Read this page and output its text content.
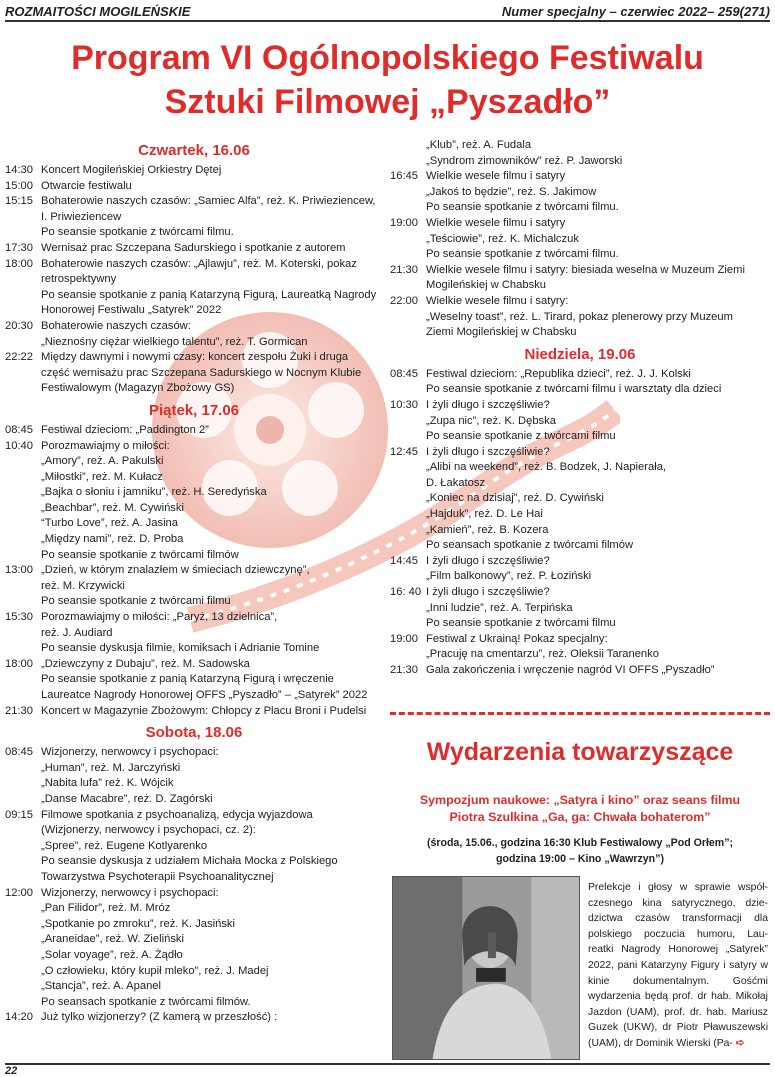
ROZMAITOŚCI MOGILEŃSKIE	Numer specjalny – czerwiec 2022– 259(271)
Program VI Ogólnopolskiego Festiwalu
Sztuki Filmowej „Pyszadło”
Czwartek, 16.06
14:30 Koncert Mogileńskiej Orkiestry Dętej
15:00 Otwarcie festiwalu
15:15 Bohaterowie naszych czasów: „Samiec Alfa”, reż. K. Priwieziencew,
I. Priwieziencew
Po seansie spotkanie z twórcami filmu.
17:30 Wernisaż prac Szczepana Sadurskiego i spotkanie z autorem
18:00 Bohaterowie naszych czasów: „Ajlawju”, reż. M. Koterski, pokaz
retrospektywny
Po seansie spotkanie z panią Katarzyną Figurą, Laureatką Nagrody
Honorowej Festiwalu „Satyrek” 2022
20:30 Bohaterowie naszych czasów:
„Nieznośny ciężar wielkiego talentu”, reż. T. Gormican
22:22 Między dawnymi i nowymi czasy: koncert zespołu Żuki i druga
część wernisażu prac Szczepana Sadurskiego w Nocnym Klubie
Festiwalowym (Magazyn Zbożowy GS)
Piątek, 17.06
08:45 Festiwal dzieciom: „Paddington 2”
10:40 Porozmawiajmy o miłości:
„Amory”, reż. A. Pakulski
„Miłostki”, reż. M. Kułacz
„Bajka o słoniu i jamniku”, reż. H. Seredyńska
„Beachbar”, reż. M. Cywiński
“Turbo Love”, reż. A. Jasina
„Między nami”, reż. D. Proba
Po seansie spotkanie z twórcami filmów
13:00 „Dzień, w którym znalazłem w śmieciach dziewczynę”,
reż. M. Krzywicki
Po seansie spotkanie z twórcami filmu
15:30 Porozmawiajmy o miłości: „Paryż, 13 dzielnica”,
reż. J. Audiard
Po seansie dyskusja filmie, komiksach i Adrianie Tomine
18:00 „Dziewczyny z Dubaju”, reż. M. Sadowska
Po seansie spotkanie z panią Katarzyną Figurą i wręczenie
Laureatce Nagrody Honorowej OFFS „Pyszadło” – „Satyrek” 2022
21:30 Koncert w Magazynie Zbożowym: Chłopcy z Placu Broni i Pudelsi
Sobota, 18.06
08:45 Wizjonerzy, nerwowcy i psychopaci:
„Human”, reż. M. Jarczyński
„Nabita lufa” reż. K. Wójcik
„Danse Macabre”, reż. D. Zagórski
09:15 Filmowe spotkania z psychoanalizą, edycja wyjazdowa
(Wizjonerzy, nerwowcy i psychopaci, cz. 2):
„Spree”, reż. Eugene Kotlyarenko
Po seansie dyskusja z udziałem Michała Mocka z Polskiego
Towarzystwa Psychoterapii Psychoanalitycznej
12:00 Wizjonerzy, nerwowcy i psychopaci:
„Pan Filidor”, reż. M. Mróz
„Spotkanie po zmroku”, reż. K. Jasiński
„Araneidae”, reż. W. Zieliński
„Solar voyage”, reż. A. Żądło
„O człowieku, który kupił mleko”, reż. J. Madej
„Stancja”, reż. A. Apanel
Po seansach spotkanie z twórcami filmów.
14:20 Już tylko wizjonerzy? (Z kamerą w przeszłość) :
„Klub”, reż. A. Fudala
„Syndrom zimowników” reż. P. Jaworski
16:45 Wielkie wesele filmu i satyry
„Jakoś to będzie”, reż. S. Jakimow
Po seansie spotkanie z twórcami filmu.
19:00 Wielkie wesele filmu i satyry
„Teściowie”, reż. K. Michalczuk
Po seansie spotkanie z twórcami filmu.
21:30 Wielkie wesele filmu i satyry: biesiada weselna w Muzeum Ziemi
Mogileńskiej w Chabsku
22:00 Wielkie wesele filmu i satyry:
„Weselny toast”, reż. L. Tirard, pokaz plenerowy przy Muzeum
Ziemi Mogileńskiej w Chabsku
Niedziela, 19.06
08:45 Festiwal dzieciom: „Republika dzieci”, reż. J. J. Kolski
Po seansie spotkanie z twórcami filmu i warsztaty dla dzieci
10:30 I żyli długo i szczęśliwie?
„Zupa nic”, reż. K. Dębska
Po seansie spotkanie z twórcami filmu
12:45 I żyli długo i szczęśliwie?
„Alibi na weekend”, reż. B. Bodzek, J. Napierała,
D. Łakatosz
„Koniec na dzisiaj”, reż. D. Cywiński
„Hajduk”, reż. D. Le Hai
„Kamień”, reż. B. Kozera
Po seansach spotkanie z twórcami filmów
14:45 I żyli długo i szczęśliwie?
„Film balkonowy”, reż. P. Łoziński
16: 40 I żyli długo i szczęśliwie?
„Inni ludzie”, reż. A. Terpińska
Po seansie spotkanie z twórcami filmu
19:00 Festiwal z Ukrainą! Pokaz specjalny:
„Pracuję na cmentarzu”, reż. Oleksii Taranenko
21:30 Gala zakończenia i wręczenie nagród VI OFFS „Pyszadło”
Wydarzenia towarzyszące
Sympozjum naukowe: „Satyra i kino” oraz seans filmu
Piotra Szulkina „Ga, ga: Chwała bohaterom”
(środa, 15.06., godzina 16:30 Klub Festiwalowy „Pod Orłem”;
godzina 19:00 – Kino „Wawrzyn”)
Prelekcje i głosy w sprawie współ- czesnego kina satyrycznego, dzie- dzictwa czasów transformacji dla polskiego poczucia humoru, Lau- reatki Nagrody Honorowej „Satyrek” 2022, pani Katarzyny Figury i satyry w kinie dokumentalnym. Gośćmi wydarzenia będą prof. dr hab. Mikołaj Jazdon (UAM), prof. dr. hab. Mariusz Guzek (UKW), dr Piotr Pławuszewski (UAM), dr Dominik Wierski (Pa- ➪
22
